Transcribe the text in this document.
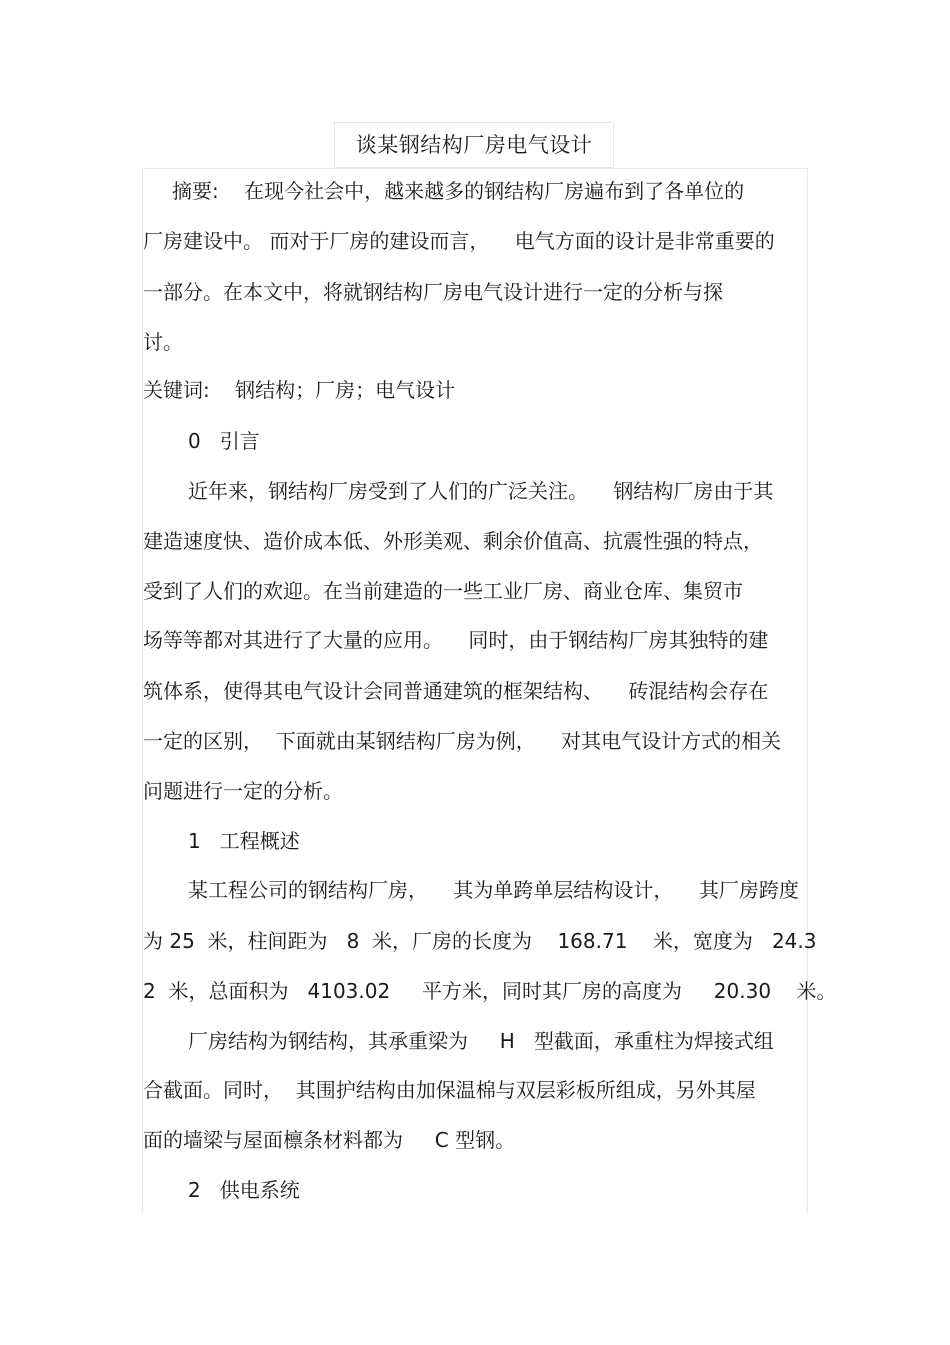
谈某钢结构厂房电气设计
摘要:    在现今社会中，越来越多的钢结构厂房遍布到了各单位的
厂房建设中。 而对于厂房的建设而言，    电气方面的设计是非常重要的
一部分。在本文中，将就钢结构厂房电气设计进行一定的分析与探
讨。
关键词:    钢结构；厂房；电气设计
0   引言
近年来，钢结构厂房受到了人们的广泛关注。    钢结构厂房由于其
建造速度快、造价成本低、外形美观、剩余价值高、抗震性强的特点，
受到了人们的欢迎。在当前建造的一些工业厂房、商业仓库、集贸市
场等等都对其进行了大量的应用。    同时，由于钢结构厂房其独特的建
筑体系，使得其电气设计会同普通建筑的框架结构、    砖混结构会存在
一定的区别，  下面就由某钢结构厂房为例，    对其电气设计方式的相关
问题进行一定的分析。
1   工程概述
某工程公司的钢结构厂房，    其为单跨单层结构设计，    其厂房跨度
为 25  米，柱间距为   8  米，厂房的长度为    168.71    米，宽度为   24.3
2  米，总面积为   4103.02     平方米，同时其厂房的高度为     20.30    米。
厂房结构为钢结构，其承重梁为     H   型截面，承重柱为焊接式组
合截面。同时，  其围护结构由加保温棉与双层彩板所组成，另外其屋
面的墙梁与屋面檩条材料都为     C 型钢。
2   供电系统
